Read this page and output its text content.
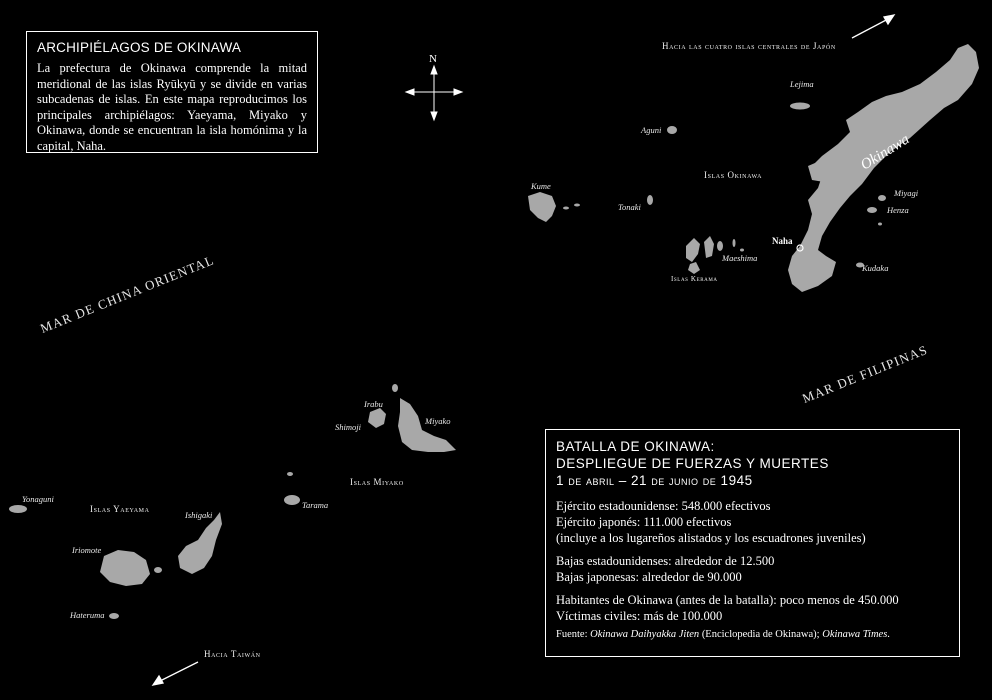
N
Hacia las cuatro islas centrales de Japón
Hacia Taiwán
MAR DE CHINA ORIENTAL
MAR DE FILIPINAS
Okinawa
Islas Okinawa
Islas Miyako
Islas Yaeyama
Islas Kerama
Lejima
Aguni
Kume
Tonaki
Miyagi
Henza
Maeshima
Naha
Kudaka
Irabu
Shimoji
Miyako
Tarama
Yonaguni
Ishigaki
Iriomote
Hateruma
ARCHIPIÉLAGOS DE OKINAWA
La prefectura de Okinawa comprende la mitad meridional de las islas Ryūkyū y se divide en varias subcadenas de islas. En este mapa reproducimos los principales archipiélagos: Yaeyama, Miyako y Okinawa, donde se encuentran la isla homónima y la capital, Naha.
BATALLA DE OKINAWA:
DESPLIEGUE DE FUERZAS Y MUERTES
1 de abril – 21 de junio de 1945
Ejército estadounidense: 548.000 efectivos
Ejército japonés: 111.000 efectivos
(incluye a los lugareños alistados y los escuadrones juveniles)
Bajas estadounidenses: alrededor de 12.500
Bajas japonesas: alrededor de 90.000
Habitantes de Okinawa (antes de la batalla): poco menos de 450.000
Víctimas civiles: más de 100.000
Fuente: Okinawa Daihyakka Jiten (Enciclopedia de Okinawa); Okinawa Times.
